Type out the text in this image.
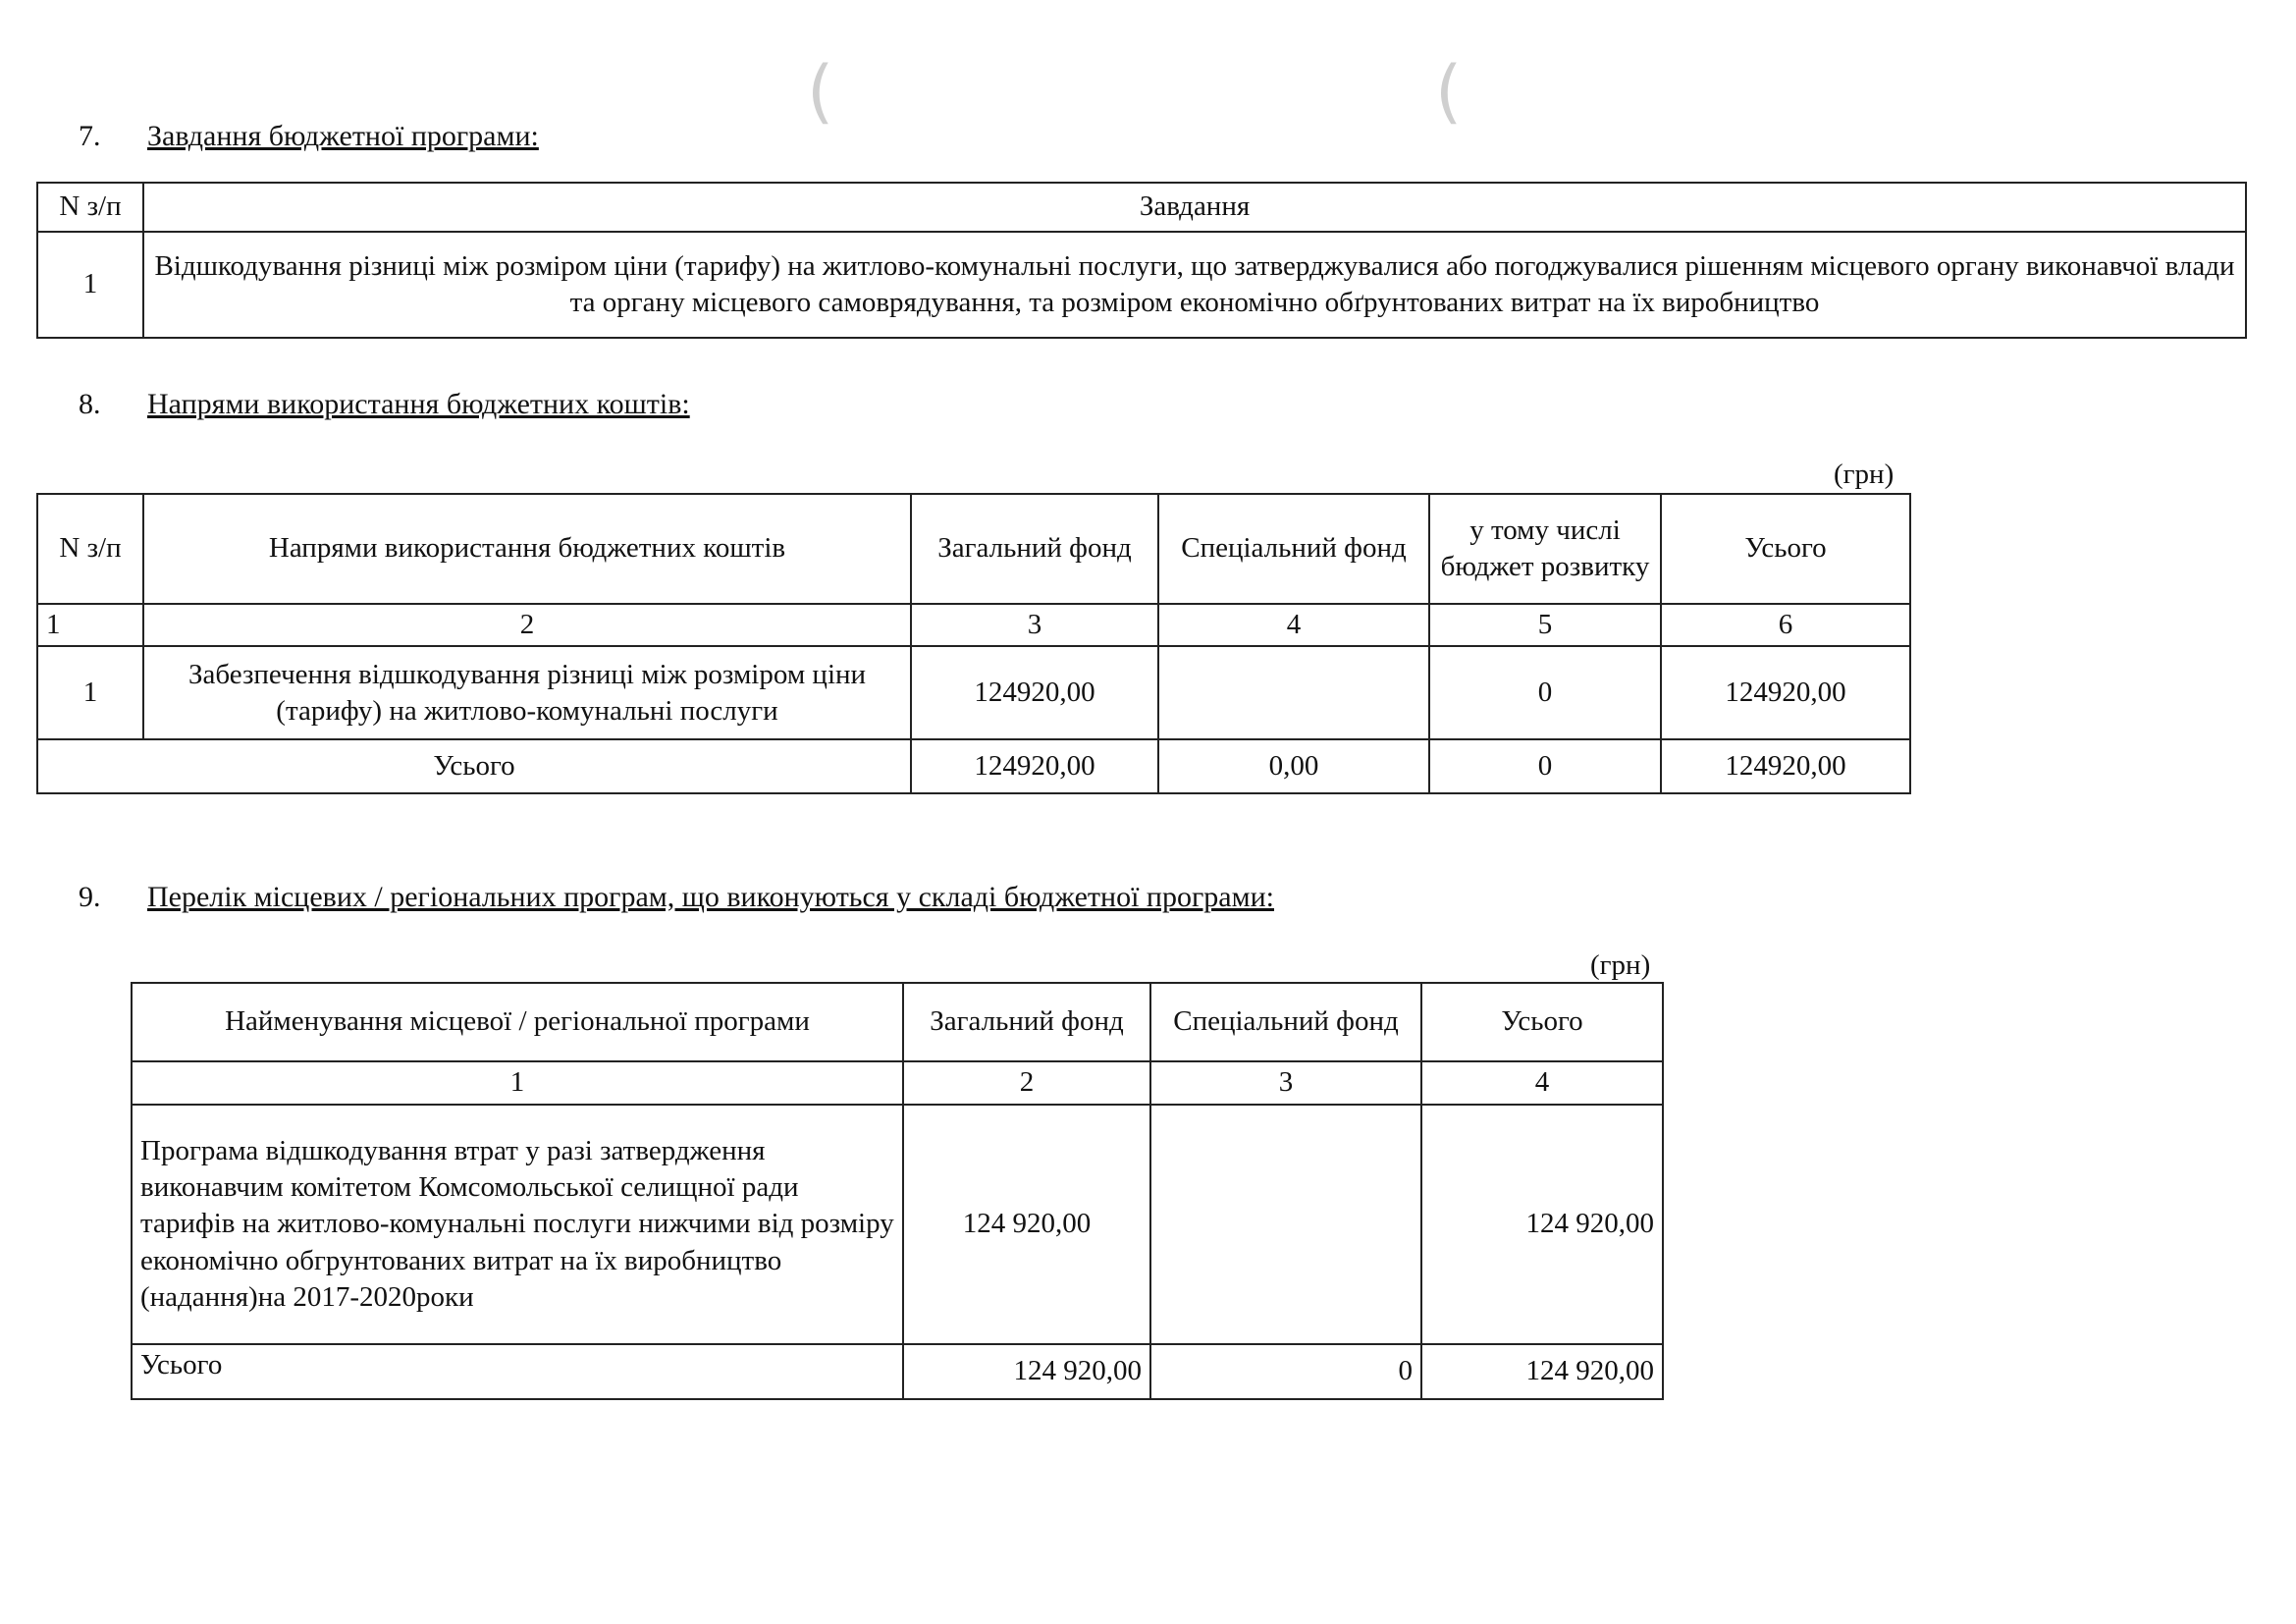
(	(
7. Завдання бюджетної програми:
N з/п	Завдання
1	Відшкодування різниці між розміром ціни (тарифу) на житлово-комунальні послуги, що затверджувалися або погоджувалися рішенням місцевого органу виконавчої влади та органу місцевого самоврядування, та розміром економічно обґрунтованих витрат на їх виробництво
8. Напрями використання бюджетних коштів:
(грн)
N з/п	Напрями використання бюджетних коштів	Загальний фонд	Спеціальний фонд	у тому числі бюджет розвитку	Усього
1	2	3	4	5	6
1	Забезпечення відшкодування різниці між розміром ціни (тарифу) на житлово-комунальні послуги	124920,00		0	124920,00
Усього		124920,00	0,00	0	124920,00
9. Перелік місцевих / регіональних програм, що виконуються у складі бюджетної програми:
(грн)
Найменування місцевої / регіональної програми	Загальний фонд	Спеціальний фонд	Усього
1	2	3	4
Програма відшкодування втрат у разі затвердження виконавчим комітетом Комсомольської селищної ради тарифів на житлово-комунальні послуги нижчими від розміру економічно обгрунтованих витрат на їх виробництво (надання)на 2017-2020роки	124 920,00		124 920,00
Усього	124 920,00	0	124 920,00
